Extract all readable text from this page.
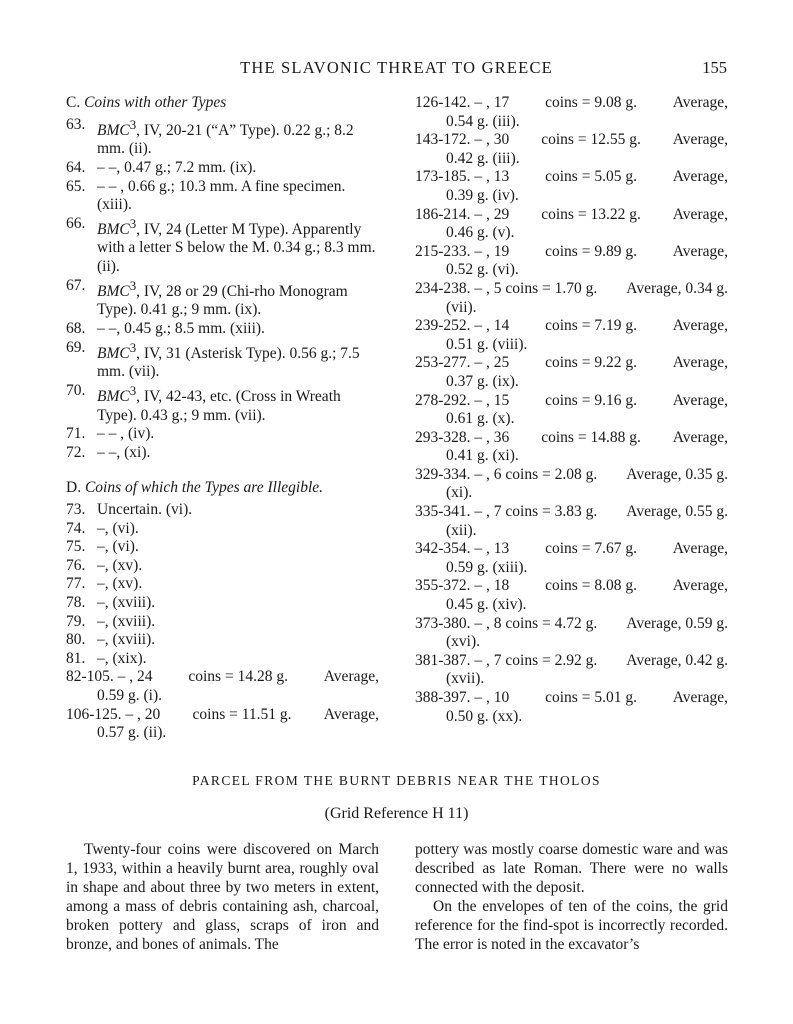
THE SLAVONIC THREAT TO GREECE	155
C. Coins with other Types
63. BMC$^3$, IV, 20-21 (“A” Type). 0.22 g.; 8.2 mm. (ii).
64. – –, 0.47 g.; 7.2 mm. (ix).
65. – – , 0.66 g.; 10.3 mm. A fine specimen. (xiii).
66. BMC$^3$, IV, 24 (Letter M Type). Apparently with a letter S below the M. 0.34 g.; 8.3 mm. (ii).
67. BMC$^3$, IV, 28 or 29 (Chi-rho Monogram Type). 0.41 g.; 9 mm. (ix).
68. – –, 0.45 g.; 8.5 mm. (xiii).
69. BMC$^3$, IV, 31 (Asterisk Type). 0.56 g.; 7.5 mm. (vii).
70. BMC$^3$, IV, 42-43, etc. (Cross in Wreath Type). 0.43 g.; 9 mm. (vii).
71. – – , (iv).
72. – –, (xi).
D. Coins of which the Types are Illegible.
73. Uncertain. (vi).
74. –, (vi).
75. –, (vi).
76. –, (xv).
77. –, (xv).
78. –, (xviii).
79. –, (xviii).
80. –, (xviii).
81. –, (xix).
82-105. – , 24 coins = 14.28 g. Average,
0.59 g. (i).
106-125. – , 20 coins = 11.51 g. Average,
0.57 g. (ii).
126-142. – , 17 coins = 9.08 g. Average,
0.54 g. (iii).
143-172. – , 30 coins = 12.55 g. Average,
0.42 g. (iii).
173-185. – , 13 coins = 5.05 g. Average,
0.39 g. (iv).
186-214. – , 29 coins = 13.22 g. Average,
0.46 g. (v).
215-233. – , 19 coins = 9.89 g. Average,
0.52 g. (vi).
234-238. – , 5 coins = 1.70 g. Average, 0.34 g.
(vii).
239-252. – , 14 coins = 7.19 g. Average,
0.51 g. (viii).
253-277. – , 25 coins = 9.22 g. Average,
0.37 g. (ix).
278-292. – , 15 coins = 9.16 g. Average,
0.61 g. (x).
293-328. – , 36 coins = 14.88 g. Average,
0.41 g. (xi).
329-334. – , 6 coins = 2.08 g. Average, 0.35 g.
(xi).
335-341. – , 7 coins = 3.83 g. Average, 0.55 g.
(xii).
342-354. – , 13 coins = 7.67 g. Average,
0.59 g. (xiii).
355-372. – , 18 coins = 8.08 g. Average,
0.45 g. (xiv).
373-380. – , 8 coins = 4.72 g. Average, 0.59 g.
(xvi).
381-387. – , 7 coins = 2.92 g. Average, 0.42 g.
(xvii).
388-397. – , 10 coins = 5.01 g. Average,
0.50 g. (xx).
PARCEL FROM THE BURNT DEBRIS NEAR THE THOLOS
(Grid Reference H 11)

Twenty-four coins were discovered on March 1, 1933, within a heavily burnt area, roughly oval in shape and about three by two meters in extent, among a mass of debris containing ash, charcoal, broken pottery and glass, scraps of iron and bronze, and bones of animals. The

pottery was mostly coarse domestic ware and was described as late Roman. There were no walls connected with the deposit.

On the envelopes of ten of the coins, the grid reference for the find-spot is incorrectly recorded. The error is noted in the excavator’s
